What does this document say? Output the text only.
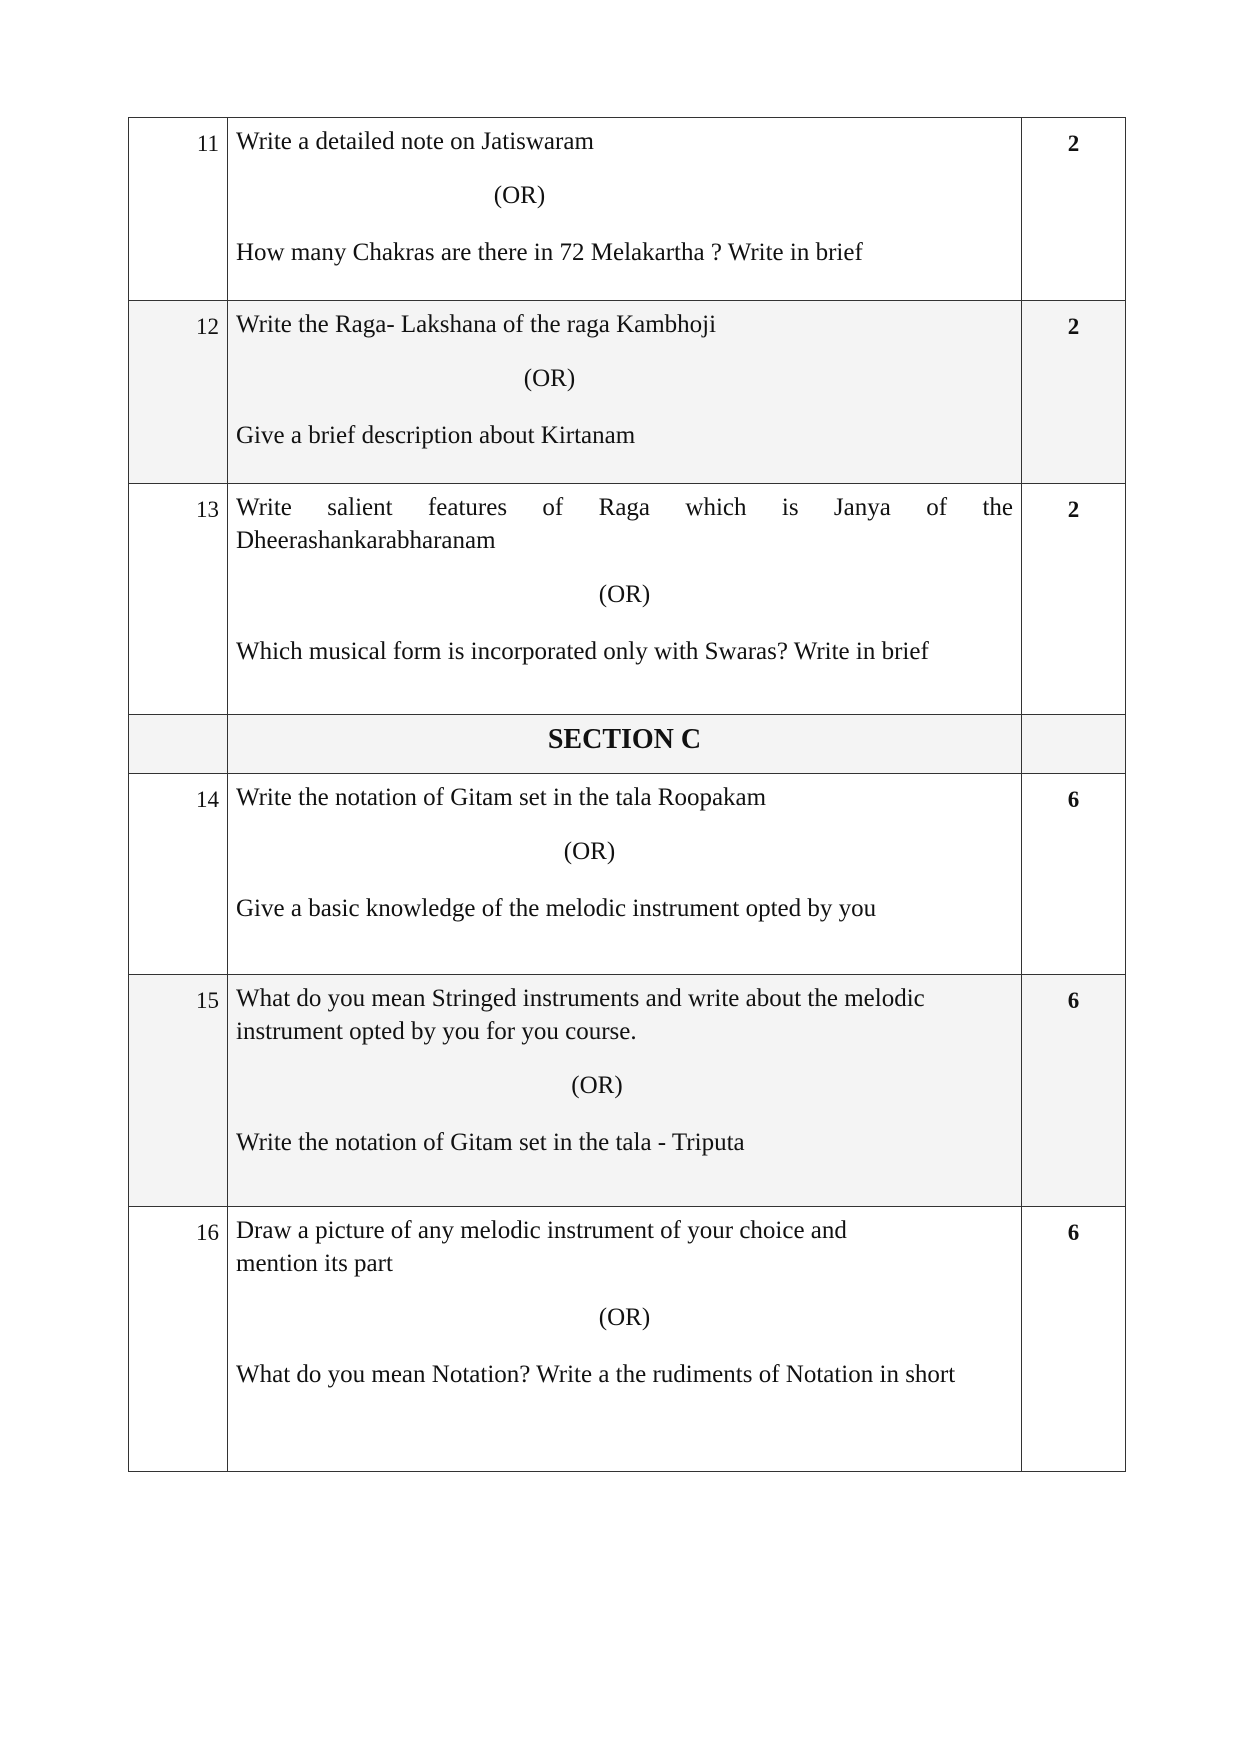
11	Write a detailed note on Jatiswaram

(OR)

How many Chakras are there in 72 Melakartha ? Write in brief	2
12	Write the Raga- Lakshana of the raga Kambhoji

(OR)

Give a brief description about Kirtanam	2
13	Write salient features of Raga which is Janya of the Dheerashankarabharanam

(OR)

Which musical form is incorporated only with Swaras? Write in brief	2
	SECTION C	
14	Write the notation of Gitam set in the tala Roopakam

(OR)

Give a basic knowledge of the melodic instrument opted by you	6
15	What do you mean Stringed instruments and write about the melodic instrument opted by you for you course.

(OR)

Write the notation of Gitam set in the tala - Triputa	6
16	Draw a picture of any melodic instrument of your choice and mention its part

(OR)

What do you mean Notation? Write a the rudiments of Notation in short	6
